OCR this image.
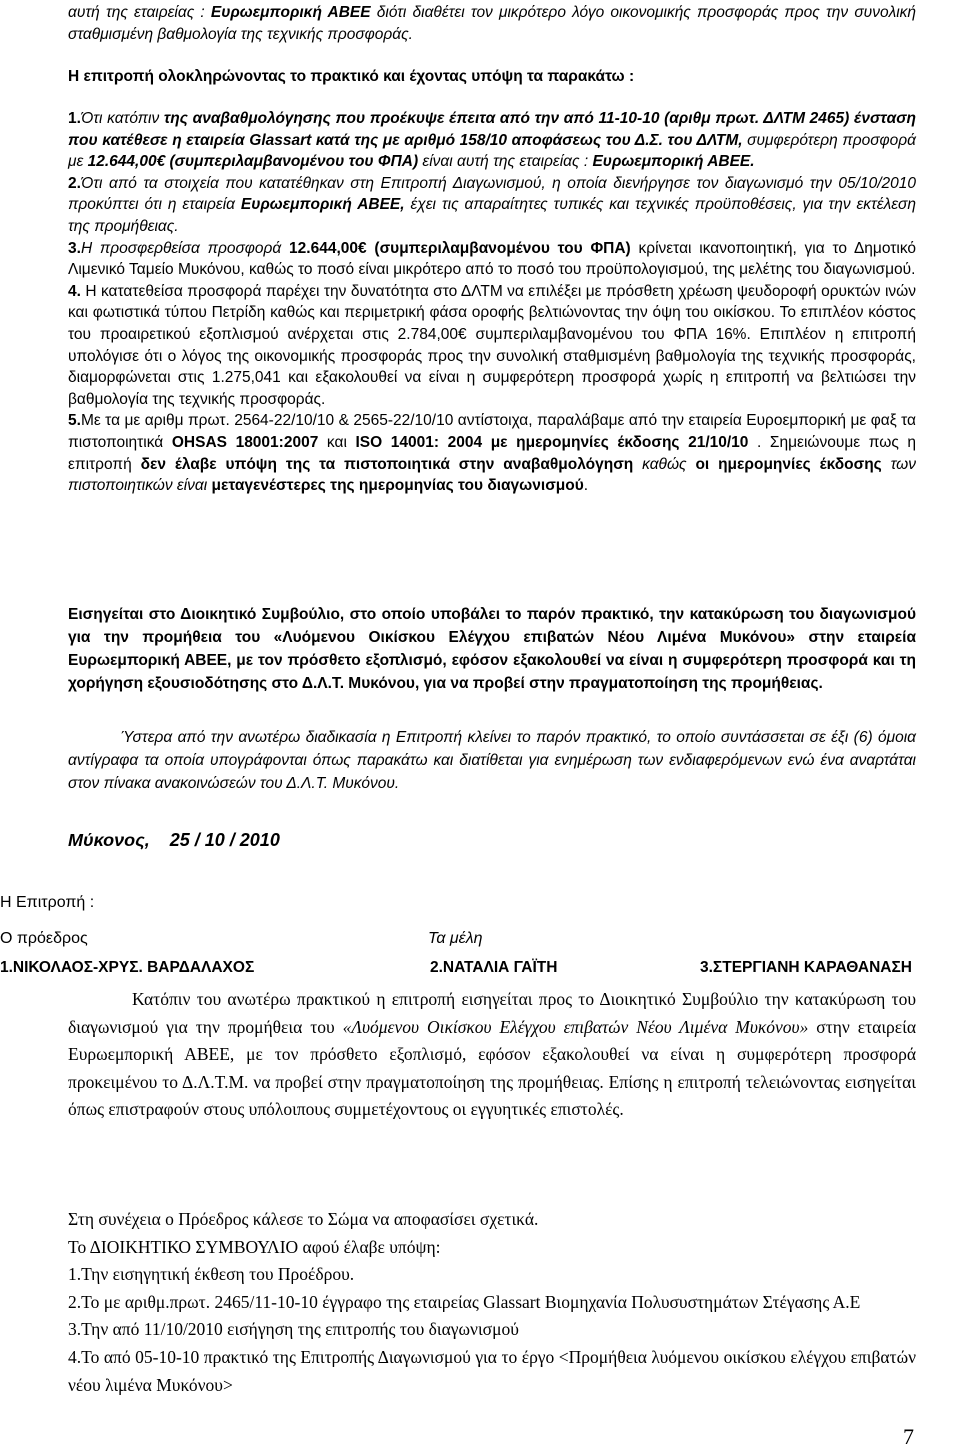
αυτή της εταιρείας : Ευρωεμπορική ΑΒΕΕ διότι διαθέτει τον μικρότερο λόγο οικονομικής προσφοράς προς την συνολική σταθμισμένη βαθμολογία της τεχνικής προσφοράς.
Η επιτροπή ολοκληρώνοντας το πρακτικό και έχοντας υπόψη τα παρακάτω :

1.Ότι κατόπιν της αναβαθμολόγησης που προέκυψε έπειτα από την από 11-10-10 (αριθμ πρωτ. ΔΛΤΜ 2465) ένσταση που κατέθεσε η εταιρεία Glassart κατά της με αριθμό 158/10 αποφάσεως του Δ.Σ. του ΔΛΤΜ, συμφερότερη προσφορά με 12.644,00€ (συμπεριλαμβανομένου του ΦΠΑ) είναι αυτή της εταιρείας : Ευρωεμπορική ΑΒΕΕ.

2.Ότι από τα στοιχεία που κατατέθηκαν στη Επιτροπή Διαγωνισμού, η οποία διενήργησε τον διαγωνισμό την 05/10/2010 προκύπτει ότι η εταιρεία Ευρωεμπορική ΑΒΕΕ, έχει τις απαραίτητες τυπικές και τεχνικές προϋποθέσεις, για την εκτέλεση της προμήθειας.

3.Η προσφερθείσα προσφορά 12.644,00€ (συμπεριλαμβανομένου του ΦΠΑ) κρίνεται ικανοποιητική, για το Δημοτικό Λιμενικό Ταμείο Μυκόνου, καθώς το ποσό είναι μικρότερο από το ποσό του προϋπολογισμού, της μελέτης του διαγωνισμού.

4. Η κατατεθείσα προσφορά παρέχει την δυνατότητα στο ΔΛΤΜ να επιλέξει με πρόσθετη χρέωση ψευδοροφή ορυκτών ινών και φωτιστικά τύπου Πετρίδη καθώς και περιμετρική φάσα οροφής βελτιώνοντας την όψη του οικίσκου. Το επιπλέον κόστος του προαιρετικού εξοπλισμού ανέρχεται στις 2.784,00€ συμπεριλαμβανομένου του ΦΠΑ 16%. Επιπλέον η επιτροπή υπολόγισε ότι ο λόγος της οικονομικής προσφοράς προς την συνολική σταθμισμένη βαθμολογία της τεχνικής προσφοράς, διαμορφώνεται στις 1.275,041 και εξακολουθεί να είναι η συμφερότερη προσφορά χωρίς η επιτροπή να βελτιώσει την βαθμολογία της τεχνικής προσφοράς.

5.Με τα με αριθμ πρωτ. 2564-22/10/10 & 2565-22/10/10 αντίστοιχα, παραλάβαμε από την εταιρεία Ευροεμπορική με φαξ τα πιστοποιητικά OHSAS 18001:2007 και ISO 14001: 2004 με ημερομηνίες έκδοσης 21/10/10 . Σημειώνουμε πως η επιτροπή δεν έλαβε υπόψη της τα πιστοποιητικά στην αναβαθμολόγηση καθώς οι ημερομηνίες έκδοσης των πιστοποιητικών είναι μεταγενέστερες της ημερομηνίας του διαγωνισμού.

Εισηγείται στο Διοικητικό Συμβούλιο, στο οποίο υποβάλει το παρόν πρακτικό, την κατακύρωση του διαγωνισμού για την προμήθεια του «Λυόμενου Οικίσκου Ελέγχου επιβατών Νέου Λιμένα Μυκόνου» στην εταιρεία Ευρωεμπορική ΑΒΕΕ, με τον πρόσθετο εξοπλισμό, εφόσον εξακολουθεί να είναι η συμφερότερη προσφορά και τη χορήγηση εξουσιοδότησης στο Δ.Λ.Τ. Μυκόνου, για να προβεί στην πραγματοποίηση της προμήθειας.
Ύστερα από την ανωτέρω διαδικασία η Επιτροπή κλείνει το παρόν πρακτικό, το οποίο συντάσσεται σε έξι (6) όμοια αντίγραφα τα οποία υπογράφονται όπως παρακάτω και διατίθεται για ενημέρωση των ενδιαφερόμενων ενώ ένα αναρτάται στον πίνακα ανακοινώσεών του Δ.Λ.Τ. Μυκόνου.
Μύκονος, 25 / 10 / 2010
Η Επιτροπή :
Ο πρόεδρος	Τα μέλη
1.ΝΙΚΟΛΑΟΣ-ΧΡΥΣ. ΒΑΡΔΑΛΑΧΟΣ	2.ΝΑΤΑΛΙΑ ΓΑΪΤΗ	3.ΣΤΕΡΓΙΑΝΗ ΚΑΡΑΘΑΝΑΣΗ
Κατόπιν του ανωτέρω πρακτικού η επιτροπή εισηγείται προς το Διοικητικό Συμβούλιο την κατακύρωση του διαγωνισμού για την προμήθεια του «Λυόμενου Οικίσκου Ελέγχου επιβατών Νέου Λιμένα Μυκόνου» στην εταιρεία Ευρωεμπορική ΑΒΕΕ, με τον πρόσθετο εξοπλισμό, εφόσον εξακολουθεί να είναι η συμφερότερη προσφορά προκειμένου το Δ.Λ.Τ.Μ. να προβεί στην πραγματοποίηση της προμήθειας. Επίσης η επιτροπή τελειώνοντας εισηγείται όπως επιστραφούν στους υπόλοιπους συμμετέχοντους οι εγγυητικές επιστολές.

Στη συνέχεια ο Πρόεδρος κάλεσε το Σώμα να αποφασίσει σχετικά.

Το ΔΙΟΙΚΗΤΙΚΟ ΣΥΜΒΟΥΛΙΟ αφού έλαβε υπόψη:

1.Την εισηγητική έκθεση του Προέδρου.

2.Το με αριθμ.πρωτ. 2465/11-10-10 έγγραφο της εταιρείας Glassart Βιομηχανία Πολυσυστημάτων Στέγασης Α.Ε

3.Την από 11/10/2010 εισήγηση της επιτροπής του διαγωνισμού

4.Το από 05-10-10 πρακτικό της Επιτροπής Διαγωνισμού για το έργο <Προμήθεια λυόμενου οικίσκου ελέγχου επιβατών νέου λιμένα Μυκόνου>

7
